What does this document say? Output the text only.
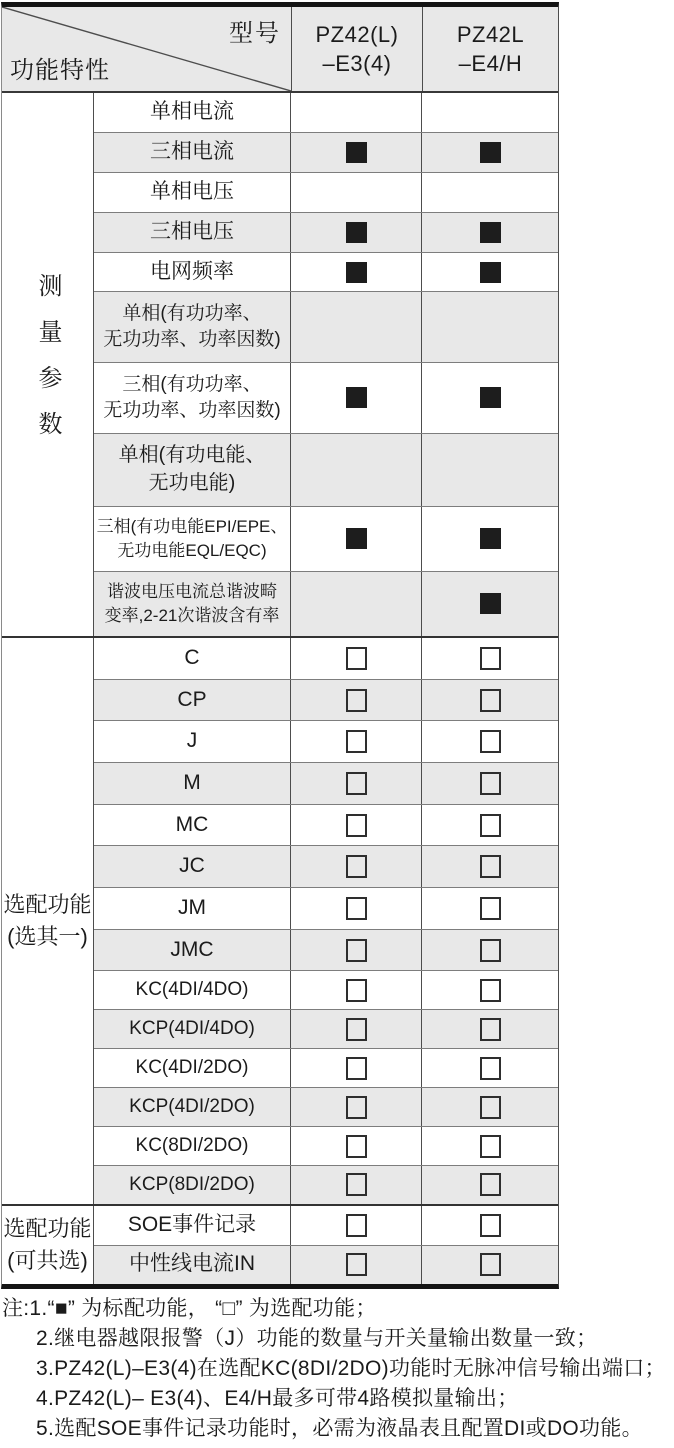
型号
功能特性
PZ42(L)
–E3(4)
PZ42L
–E4/H
测量参数
单相电流
三相电流
单相电压
三相电压
电网频率
单相(有功功率、
无功功率、功率因数)
三相(有功功率、
无功功率、功率因数)
单相(有功电能、
无功电能)
三相(有功电能EPI/EPE、
无功电能EQL/EQC)
谐波电压电流总谐波畸
变率,2-21次谐波含有率
选配功能
(选其一)
C
CP
J
M
MC
JC
JM
JMC
KC(4DI/4DO)
KCP(4DI/4DO)
KC(4DI/2DO)
KCP(4DI/2DO)
KC(8DI/2DO)
KCP(8DI/2DO)
选配功能
(可共选)
SOE事件记录
中性线电流IN

注:1.“■” 为标配功能， “□” 为选配功能；

2.继电器越限报警（J）功能的数量与开关量输出数量一致；

3.PZ42(L)–E3(4)在选配KC(8DI/2DO)功能时无脉冲信号输出端口；

4.PZ42(L)– E3(4)、E4/H最多可带4路模拟量输出；

5.选配SOE事件记录功能时，必需为液晶表且配置DI或DO功能。
